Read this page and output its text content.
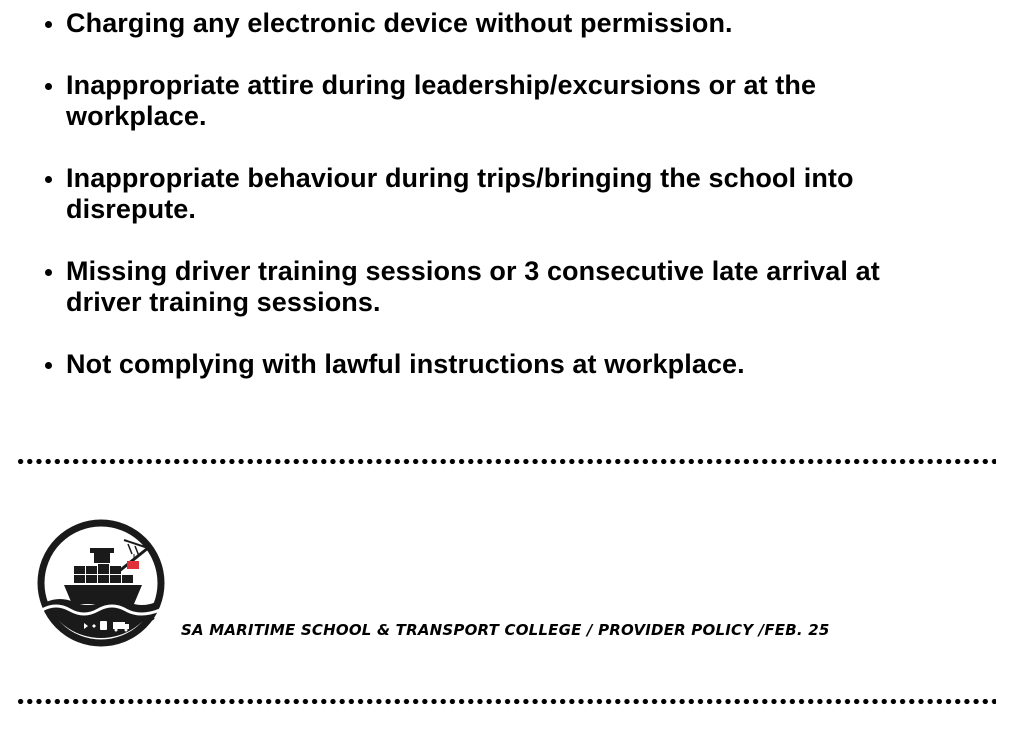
Charging any electronic device without permission.
Inappropriate attire during leadership/excursions or at the workplace.
Inappropriate behaviour during trips/bringing the school into disrepute.
Missing driver training sessions or 3 consecutive late arrival at driver training sessions.
Not complying with lawful instructions at workplace.
SA MARITIME SCHOOL & TRANSPORT COLLEGE / PROVIDER POLICY /FEB. 25
